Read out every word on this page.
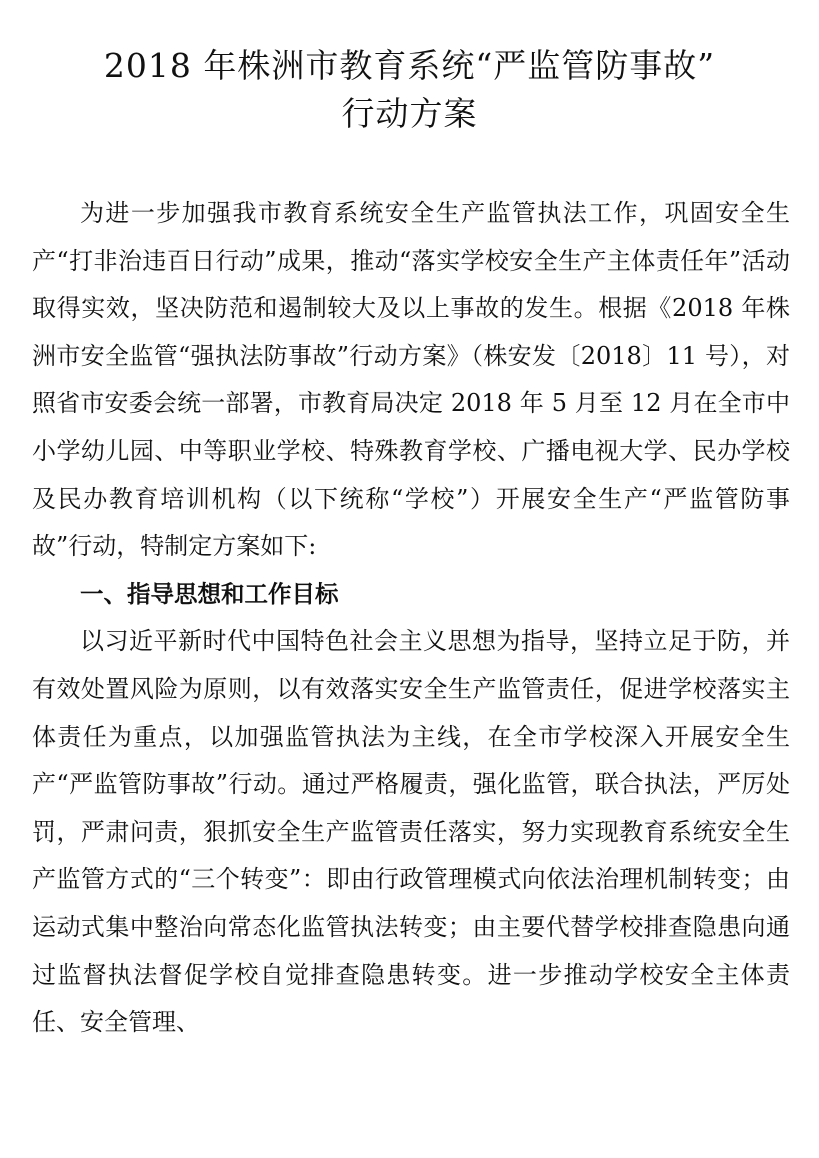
2018 年株洲市教育系统“严监管防事故”
行动方案

为进一步加强我市教育系统安全生产监管执法工作，巩固安全生产“打非治违百日行动”成果，推动“落实学校安全生产主体责任年”活动取得实效，坚决防范和遏制较大及以上事故的发生。根据《2018 年株洲市安全监管“强执法防事故”行动方案》（株安发〔2018〕11 号），对照省市安委会统一部署，市教育局决定 2018 年 5 月至 12 月在全市中小学幼儿园、中等职业学校、特殊教育学校、广播电视大学、民办学校及民办教育培训机构（以下统称“学校”）开展安全生产“严监管防事故”行动，特制定方案如下:

一、指导思想和工作目标

以习近平新时代中国特色社会主义思想为指导，坚持立足于防，并有效处置风险为原则，以有效落实安全生产监管责任，促进学校落实主体责任为重点，以加强监管执法为主线，在全市学校深入开展安全生产“严监管防事故”行动。通过严格履责，强化监管，联合执法，严厉处罚，严肃问责，狠抓安全生产监管责任落实，努力实现教育系统安全生产监管方式的“三个转变”：即由行政管理模式向依法治理机制转变；由运动式集中整治向常态化监管执法转变；由主要代替学校排查隐患向通过监督执法督促学校自觉排查隐患转变。进一步推动学校安全主体责任、安全管理、
